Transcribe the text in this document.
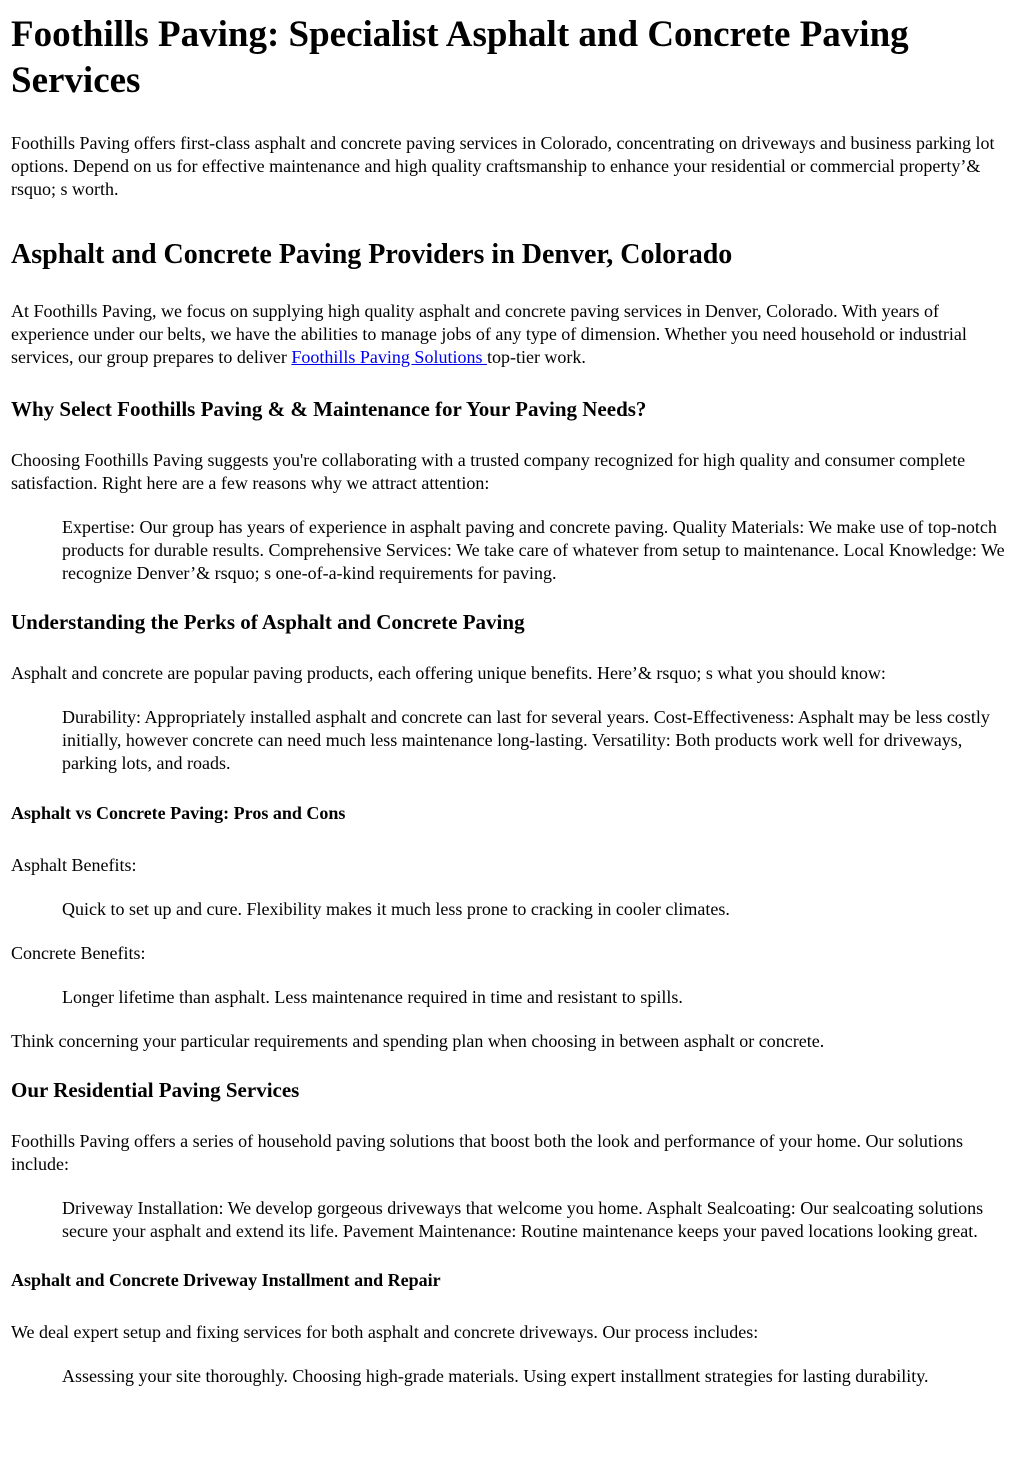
Foothills Paving: Specialist Asphalt and Concrete Paving Services

Foothills Paving offers first-class asphalt and concrete paving services in Colorado, concentrating on driveways and business parking lot options. Depend on us for effective maintenance and high quality craftsmanship to enhance your residential or commercial property’& rsquo; s worth.

Asphalt and Concrete Paving Providers in Denver, Colorado

At Foothills Paving, we focus on supplying high quality asphalt and concrete paving services in Denver, Colorado. With years of experience under our belts, we have the abilities to manage jobs of any type of dimension. Whether you need household or industrial services, our group prepares to deliver Foothills Paving Solutions top-tier work.

Why Select Foothills Paving & & Maintenance for Your Paving Needs?

Choosing Foothills Paving suggests you're collaborating with a trusted company recognized for high quality and consumer complete satisfaction. Right here are a few reasons why we attract attention:

Expertise: Our group has years of experience in asphalt paving and concrete paving. Quality Materials: We make use of top-notch products for durable results. Comprehensive Services: We take care of whatever from setup to maintenance. Local Knowledge: We recognize Denver’& rsquo; s one-of-a-kind requirements for paving.

Understanding the Perks of Asphalt and Concrete Paving

Asphalt and concrete are popular paving products, each offering unique benefits. Here’& rsquo; s what you should know:

Durability: Appropriately installed asphalt and concrete can last for several years. Cost-Effectiveness: Asphalt may be less costly initially, however concrete can need much less maintenance long-lasting. Versatility: Both products work well for driveways, parking lots, and roads.

Asphalt vs Concrete Paving: Pros and Cons

Asphalt Benefits:

Quick to set up and cure. Flexibility makes it much less prone to cracking in cooler climates.

Concrete Benefits:

Longer lifetime than asphalt. Less maintenance required in time and resistant to spills.

Think concerning your particular requirements and spending plan when choosing in between asphalt or concrete.

Our Residential Paving Services

Foothills Paving offers a series of household paving solutions that boost both the look and performance of your home. Our solutions include:

Driveway Installation: We develop gorgeous driveways that welcome you home. Asphalt Sealcoating: Our sealcoating solutions secure your asphalt and extend its life. Pavement Maintenance: Routine maintenance keeps your paved locations looking great.

Asphalt and Concrete Driveway Installment and Repair

We deal expert setup and fixing services for both asphalt and concrete driveways. Our process includes:

Assessing your site thoroughly. Choosing high-grade materials. Using expert installment strategies for lasting durability.
